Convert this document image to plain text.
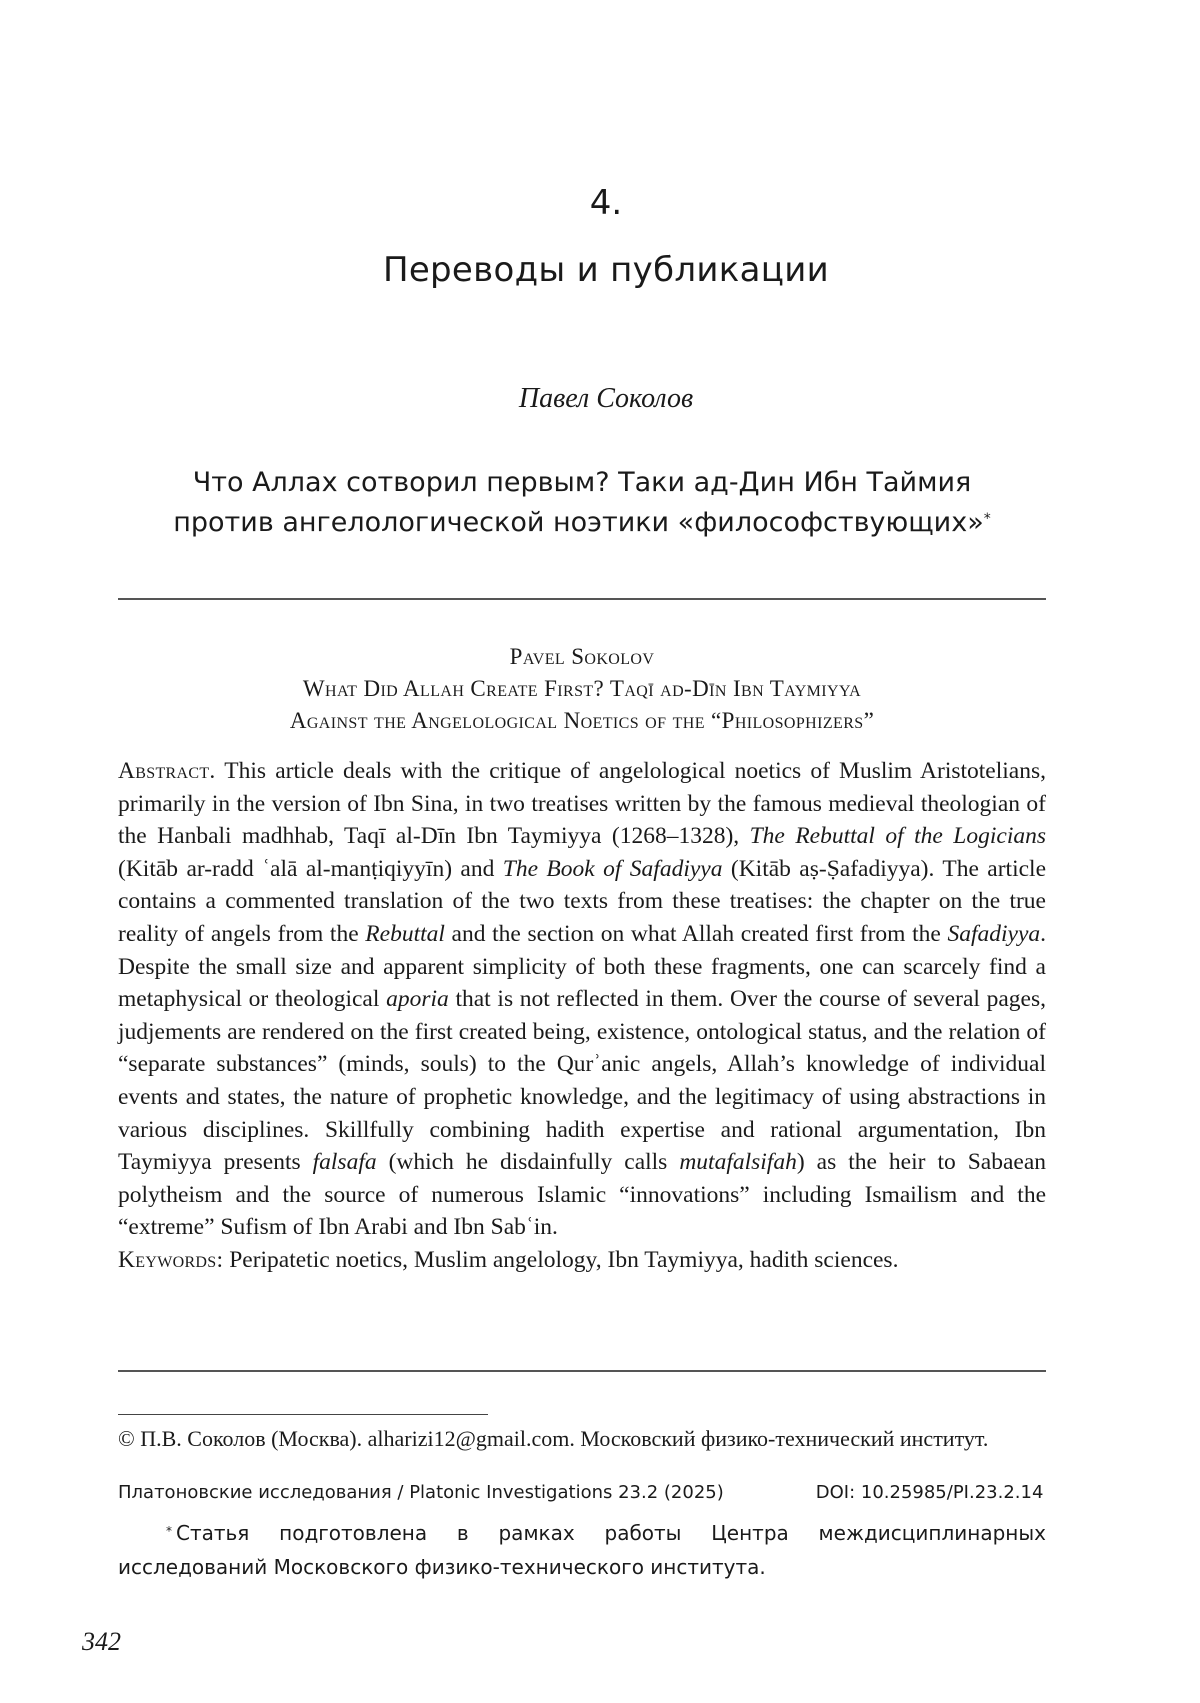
4.
Переводы и публикации
Павел Соколов
Что Аллах сотворил первым? Таки ад-Дин Ибн Таймия
против ангелологической ноэтики «философствующих»*
Pavel Sokolov
What Did Allah Create First? Taqī ad-Dīn Ibn Taymiyya
Against the Angelological Noetics of the “Philosophizers”

Abstract. This article deals with the critique of angelological noetics of Muslim Aristotelians, primarily in the version of Ibn Sina, in two treatises written by the famous medieval theologian of the Hanbali madhhab, Taqī al-Dīn Ibn Taymiyya (1268–1328), The Rebuttal of the Logicians (Kitāb ar-radd ʿalā al-manṭiqiyyīn) and The Book of Safadiyya (Kitāb aṣ-Ṣafadiyya). The article contains a commented translation of the two texts from these treatises: the chapter on the true reality of angels from the Rebuttal and the section on what Allah created first from the Safadiyya. Despite the small size and apparent simplicity of both these fragments, one can scarcely find a metaphysical or theological aporia that is not reflected in them. Over the course of several pages, judjements are rendered on the first created being, existence, ontological status, and the relation of “separate substances” (minds, souls) to the Qurʾanic angels, Allah’s knowledge of individual events and states, the nature of prophetic knowledge, and the legitimacy of using abstractions in various disciplines. Skillfully combining hadith expertise and rational argumentation, Ibn Taymiyya presents falsafa (which he disdainfully calls mutafalsifah) as the heir to Sabaean polytheism and the source of numerous Islamic “innovations” including Ismailism and the “extreme” Sufism of Ibn Arabi and Ibn Sabʿin.

Keywords: Peripatetic noetics, Muslim angelology, Ibn Taymiyya, hadith sciences.

© П.В. Соколов (Москва). alharizi12@gmail.com. Московский физико-технический институт.
Платоновские исследования / Platonic Investigations 23.2 (2025)	DOI: 10.25985/PI.23.2.14
* Статья подготовлена в рамках работы Центра междисциплинарных исследований Московского физико-технического института.
342
